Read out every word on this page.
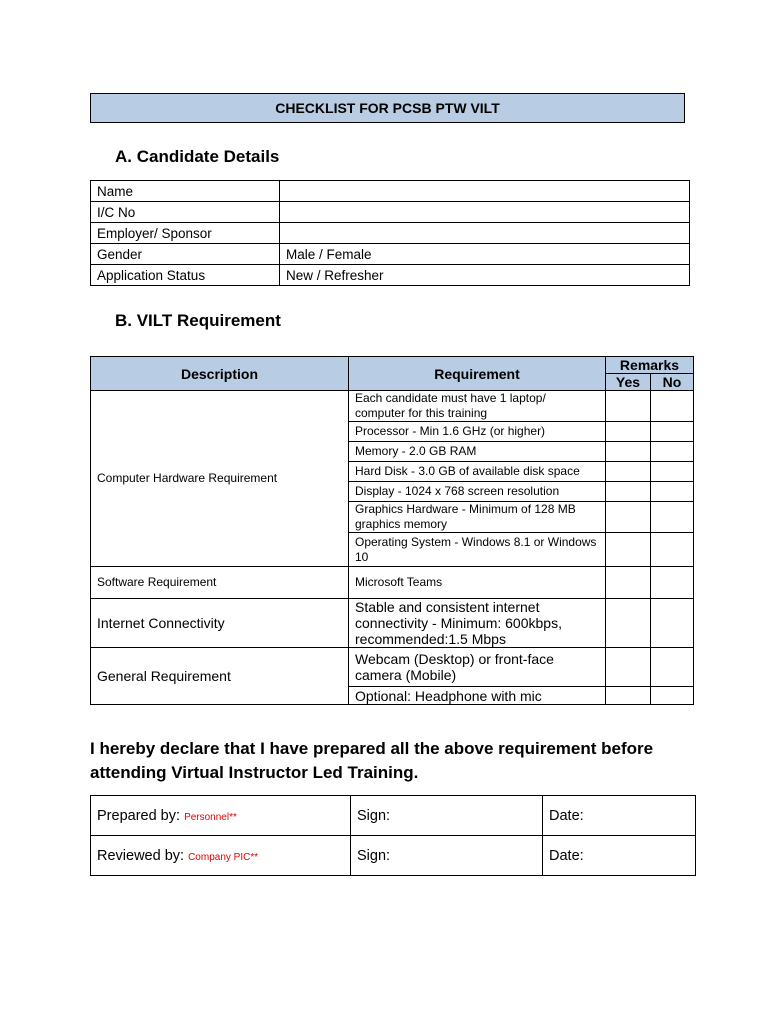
CHECKLIST FOR PCSB PTW VILT
A. Candidate Details
Name	
I/C No	
Employer/ Sponsor	
Gender	Male / Female
Application Status	New / Refresher
B. VILT Requirement
Description	Requirement	Remarks	
		Yes	No
Computer Hardware Requirement	Each candidate must have 1 laptop/ computer for this training		
	Processor - Min 1.6 GHz (or higher)		
	Memory - 2.0 GB RAM		
	Hard Disk - 3.0 GB of available disk space		
	Display - 1024 x 768 screen resolution		
	Graphics Hardware - Minimum of 128 MB graphics memory		
	Operating System - Windows 8.1 or Windows 10		
Software Requirement	Microsoft Teams		
Internet Connectivity	Stable and consistent internet connectivity - Minimum: 600kbps, recommended:1.5 Mbps		
General Requirement	Webcam (Desktop) or front-face camera (Mobile)		
	Optional: Headphone with mic		
I hereby declare that I have prepared all the above requirement before attending Virtual Instructor Led Training.
Prepared by: Personnel**	Sign:	Date:
Reviewed by: Company PIC**	Sign:	Date:
